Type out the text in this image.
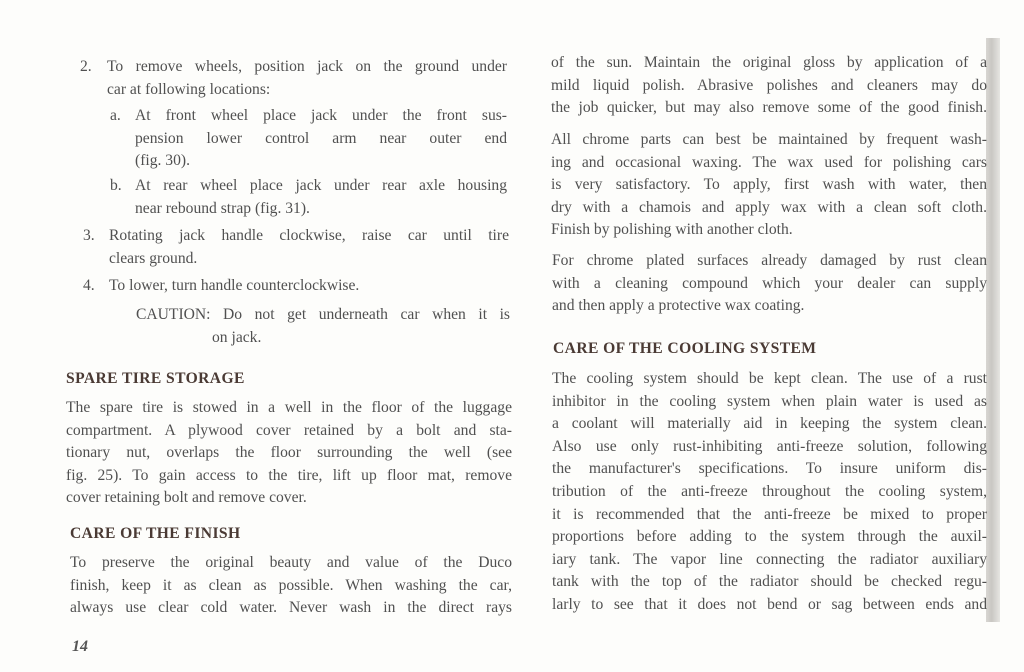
SPARE TIRE STORAGE
CARE OF THE FINISH
CARE OF THE COOLING SYSTEM
14
2. To remove wheels, position jack on the ground under
car at following locations:
a. At front wheel place jack under the front sus-
pension lower control arm near outer end
(fig. 30).
b. At rear wheel place jack under rear axle housing
near rebound strap (fig. 31).
3. Rotating jack handle clockwise, raise car until tire
clears ground.
4. To lower, turn handle counterclockwise.
CAUTION: Do not get underneath car when it is
on jack.
The spare tire is stowed in a well in the floor of the luggage
compartment. A plywood cover retained by a bolt and sta-
tionary nut, overlaps the floor surrounding the well (see
fig. 25). To gain access to the tire, lift up floor mat, remove
cover retaining bolt and remove cover.
To preserve the original beauty and value of the Duco
finish, keep it as clean as possible. When washing the car,
always use clear cold water. Never wash in the direct rays
of the sun. Maintain the original gloss by application of a
mild liquid polish. Abrasive polishes and cleaners may do
the job quicker, but may also remove some of the good finish.
All chrome parts can best be maintained by frequent wash-
ing and occasional waxing. The wax used for polishing cars
is very satisfactory. To apply, first wash with water, then
dry with a chamois and apply wax with a clean soft cloth.
Finish by polishing with another cloth.
For chrome plated surfaces already damaged by rust clean
with a cleaning compound which your dealer can supply
and then apply a protective wax coating.
The cooling system should be kept clean. The use of a rust
inhibitor in the cooling system when plain water is used as
a coolant will materially aid in keeping the system clean.
Also use only rust-inhibiting anti-freeze solution, following
the manufacturer's specifications. To insure uniform dis-
tribution of the anti-freeze throughout the cooling system,
it is recommended that the anti-freeze be mixed to proper
proportions before adding to the system through the auxil-
iary tank. The vapor line connecting the radiator auxiliary
tank with the top of the radiator should be checked regu-
larly to see that it does not bend or sag between ends and
